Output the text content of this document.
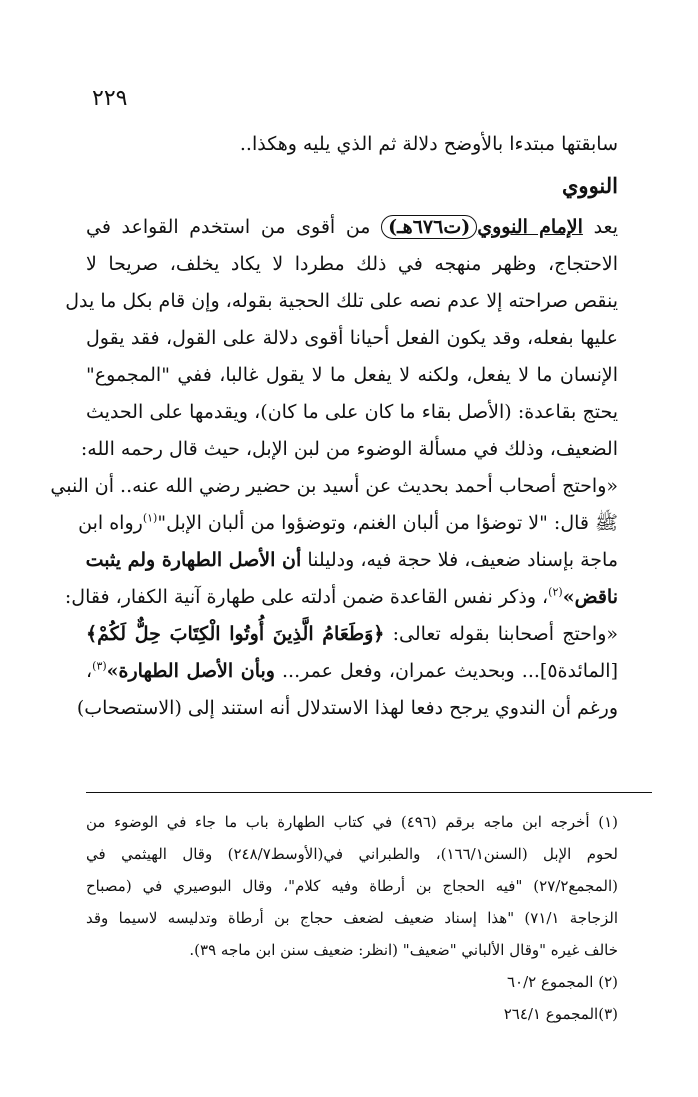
٢٢٩
سابقتها مبتدءا بالأوضح دلالة ثم الذي يليه وهكذا..
النووي
يعد الإمام النووي(ت٦٧٦هـ) من أقوى من استخدم القواعد في
الاحتجاج، وظهر منهجه في ذلك مطردا لا يكاد يخلف، صريحا لا
ينقص صراحته إلا عدم نصه على تلك الحجية بقوله، وإن قام بكل ما يدل
عليها بفعله، وقد يكون الفعل أحيانا أقوى دلالة على القول، فقد يقول
الإنسان ما لا يفعل، ولكنه لا يفعل ما لا يقول غالبا، ففي "المجموع"
يحتج بقاعدة: (الأصل بقاء ما كان على ما كان)، ويقدمها على الحديث
الضعيف، وذلك في مسألة الوضوء من لبن الإبل، حيث قال رحمه الله:
«واحتج أصحاب أحمد بحديث عن أسيد بن حضير رضي الله عنه.. أن النبي
ﷺ قال: "لا توضؤا من ألبان الغنم، وتوضؤوا من ألبان الإبل"$^{(١)}$رواه ابن
ماجة بإسناد ضعيف، فلا حجة فيه، ودليلنا أن الأصل الطهارة ولم يثبت
ناقض»$^{(٢)}$، وذكر نفس القاعدة ضمن أدلته على طهارة آنية الكفار، فقال:
«واحتج أصحابنا بقوله تعالى: ﴿وَطَعَامُ الَّذِينَ أُوتُوا الْكِتَابَ حِلٌّ لَكُمْ﴾
[المائدة٥]... وبحديث عمران، وفعل عمر... وبأن الأصل الطهارة»$^{(٣)}$،
ورغم أن الندوي يرجح دفعا لهذا الاستدلال أنه استند إلى (الاستصحاب)
(١) أخرجه ابن ماجه برقم (٤٩٦) في كتاب الطهارة باب ما جاء في الوضوء من
لحوم الإبل (السنن١٦٦/١)، والطبراني في(الأوسط٢٤٨/٧) وقال الهيثمي في
(المجمع٢٧/٢) "فيه الحجاج بن أرطاة وفيه كلام"، وقال البوصيري في (مصباح
الزجاجة ٧١/١) "هذا إسناد ضعيف لضعف حجاج بن أرطاة وتدليسه لاسيما وقد
خالف غيره "وقال الألباني "ضعيف" (انظر: ضعيف سنن ابن ماجه ٣٩).
(٢) المجموع ٦٠/٢
(٣)المجموع ٢٦٤/١
